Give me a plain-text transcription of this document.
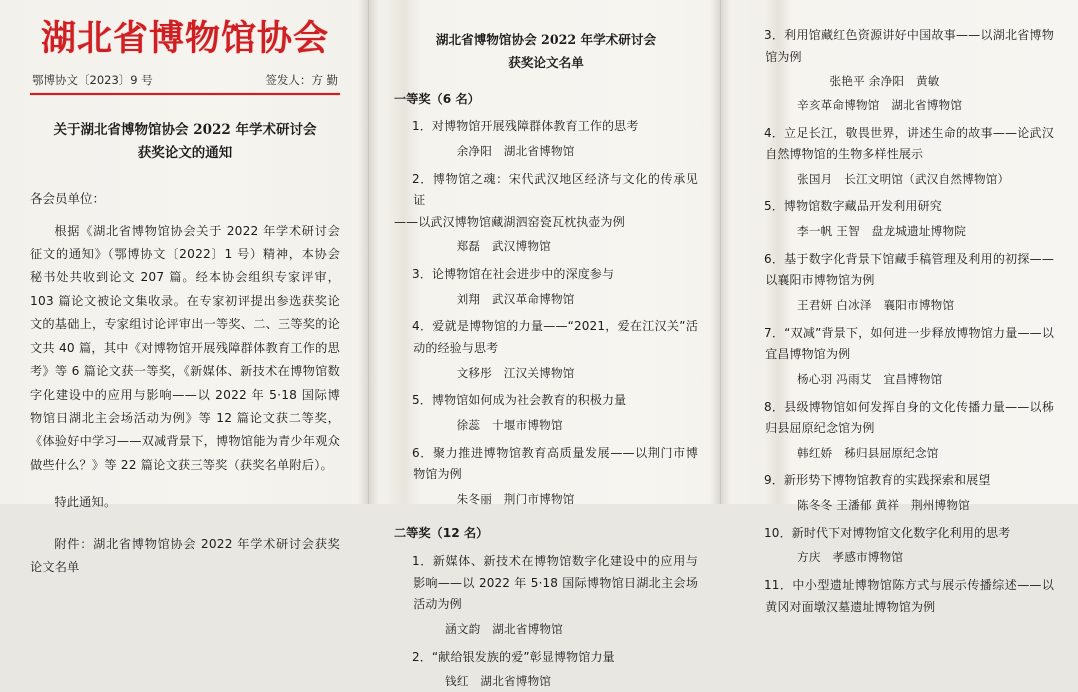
湖北省博物馆协会
鄂博协文〔2023〕9 号	签发人：方 勤
关于湖北省博物馆协会 2022 年学术研讨会
获奖论文的通知
各会员单位：
根据《湖北省博物馆协会关于 2022 年学术研讨会征文的通知》（鄂博协文〔2022〕1 号）精神，本协会秘书处共收到论文 207 篇。经本协会组织专家评审，103 篇论文被论文集收录。在专家初评提出参选获奖论文的基础上，专家组讨论评审出一等奖、二、三等奖的论文共 40 篇，其中《对博物馆开展残障群体教育工作的思考》等 6 篇论文获一等奖，《新媒体、新技术在博物馆数字化建设中的应用与影响——以 2022 年 5·18 国际博物馆日湖北主会场活动为例》等 12 篇论文获二等奖，《体验好中学习——双减背景下，博物馆能为青少年观众做些什么？》等 22 篇论文获三等奖（获奖名单附后）。
特此通知。
附件：湖北省博物馆协会 2022 年学术研讨会获奖论文名单
湖北省博物馆协会 2022 年学术研讨会
获奖论文名单
一等奖（6 名）
1．对博物馆开展残障群体教育工作的思考
余净阳　湖北省博物馆
2．博物馆之魂：宋代武汉地区经济与文化的传承见证
——以武汉博物馆藏湖泗窑瓷瓦枕执壶为例
郑磊　武汉博物馆
3．论博物馆在社会进步中的深度参与
刘翔　武汉革命博物馆
4．爱就是博物馆的力量——“2021，爱在江汉关”活动的经验与思考
文移彤　江汉关博物馆
5．博物馆如何成为社会教育的积极力量
徐蕊　十堰市博物馆
6．聚力推进博物馆教育高质量发展——以荆门市博物馆为例
朱冬丽　荆门市博物馆
二等奖（12 名）
1．新媒体、新技术在博物馆数字化建设中的应用与影响——以 2022 年 5·18 国际博物馆日湖北主会场活动为例
涵文韵　湖北省博物馆
2．“献给银发族的爱”彰显博物馆力量
钱红　湖北省博物馆
3．利用馆藏红色资源讲好中国故事——以湖北省博物馆为例
张艳平 余净阳　黄敏
辛亥革命博物馆　湖北省博物馆
4．立足长江，敬畏世界，讲述生命的故事——论武汉自然博物馆的生物多样性展示
张国月　长江文明馆（武汉自然博物馆）
5．博物馆数字藏品开发利用研究
李一帆 王智　盘龙城遗址博物院
6．基于数字化背景下馆藏手稿管理及利用的初探——以襄阳市博物馆为例
王君妍 白冰泽　襄阳市博物馆
7．“双减”背景下，如何进一步释放博物馆力量——以宜昌博物馆为例
杨心羽 冯雨艾　宜昌博物馆
8．县级博物馆如何发挥自身的文化传播力量——以秭归县屈原纪念馆为例
韩红娇　秭归县屈原纪念馆
9．新形势下博物馆教育的实践探索和展望
陈冬冬 王潘郁 黄祥　荆州博物馆
10．新时代下对博物馆文化数字化利用的思考
方庆　孝感市博物馆
11．中小型遗址博物馆陈方式与展示传播综述——以黄冈对面墩汉墓遗址博物馆为例
